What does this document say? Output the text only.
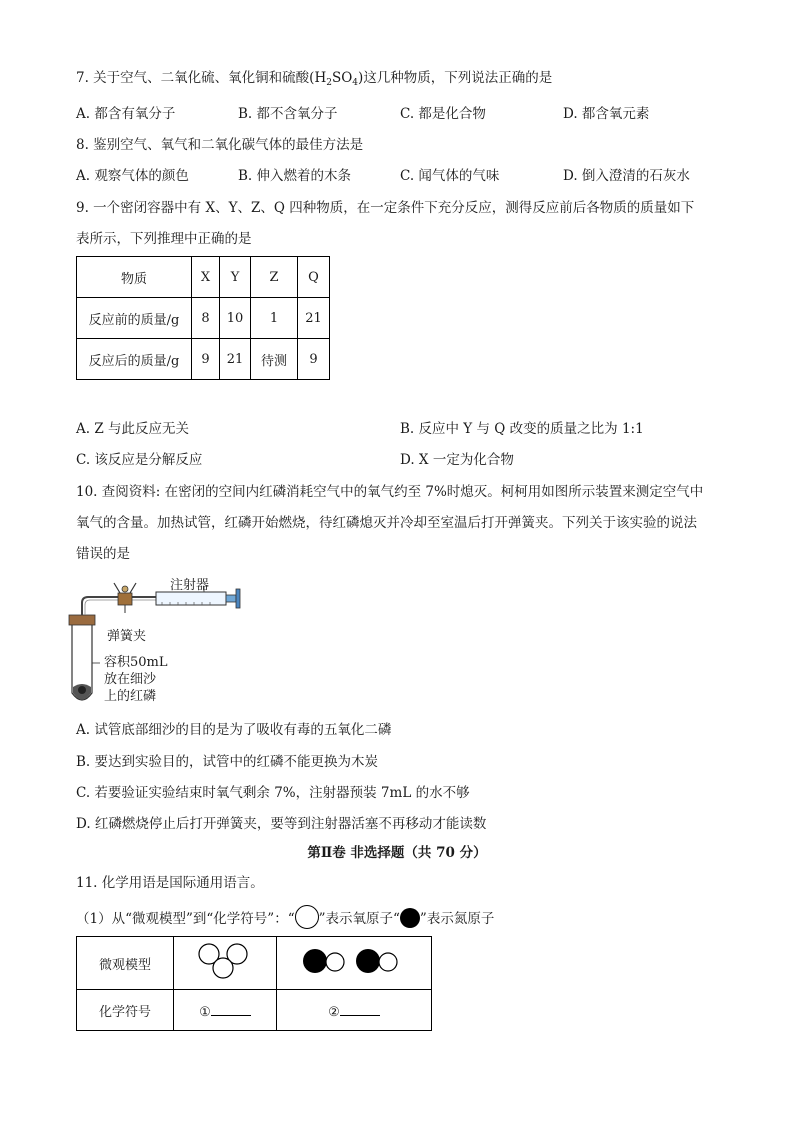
7. 关于空气、二氧化硫、氧化铜和硫酸$(H_2SO_4)$这几种物质，下列说法正确的是
A. 都含有氧分子	B. 都不含氧分子	C. 都是化合物	D. 都含氧元素
8. 鉴别空气、氧气和二氧化碳气体的最佳方法是
A. 观察气体的颜色	B. 伸入燃着的木条	C. 闻气体的气味	D. 倒入澄清的石灰水
9. 一个密闭容器中有 X、Y、Z、Q 四种物质，在一定条件下充分反应，测得反应前后各物质的质量如下
表所示，下列推理中正确的是
物质	X	Y	Z	Q
反应前的质量/g	8	10	1	21
反应后的质量/g	9	21	待测	9
A. Z 与此反应无关	B. 反应中 Y 与 Q 改变的质量之比为 1:1
C. 该反应是分解反应	D. X 一定为化合物
10. 查阅资料: 在密闭的空间内红磷消耗空气中的氧气约至 7%时熄灭。柯柯用如图所示装置来测定空气中
氧气的含量。加热试管，红磷开始燃烧，待红磷熄灭并冷却至室温后打开弹簧夹。下列关于该实验的说法
错误的是
注射器
弹簧夹
容积50mL
放在细沙
上的红磷
A. 试管底部细沙的目的是为了吸收有毒的五氧化二磷
B. 要达到实验目的，试管中的红磷不能更换为木炭
C. 若要验证实验结束时氧气剩余 7%，注射器预装 7mL 的水不够
D. 红磷燃烧停止后打开弹簧夹，要等到注射器活塞不再移动才能读数
第Ⅱ卷 非选择题（共 70 分）
11. 化学用语是国际通用语言。
（1）从“微观模型”到“化学符号”：“ ”表示氧原子“ ”表示氮原子
微观模型		
化学符号	①	②
